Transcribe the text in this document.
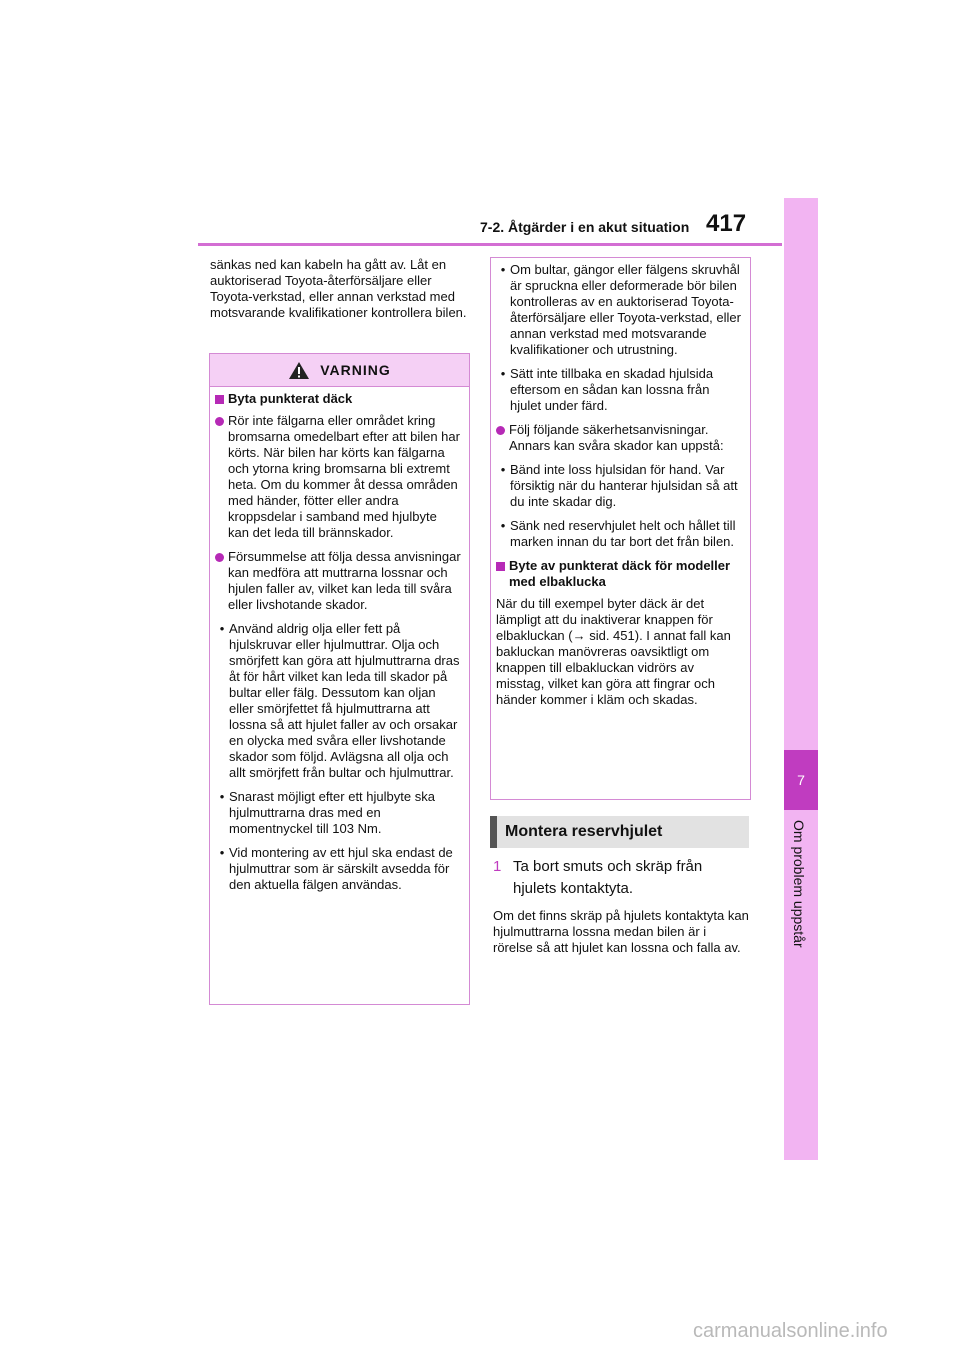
7
Om problem uppstår
7-2. Åtgärder i en akut situation 417

sänkas ned kan kabeln ha gått av. Låt en auktoriserad Toyota-återförsäljare eller Toyota-verkstad, eller annan verkstad med motsvarande kvalifikationer kontrollera bilen.

VARNING
Byta punkterat däck
Rör inte fälgarna eller området kring bromsarna omedelbart efter att bilen har körts. När bilen har körts kan fälgarna och ytorna kring bromsarna bli extremt heta. Om du kommer åt dessa områden med händer, fötter eller andra kroppsdelar i samband med hjulbyte kan det leda till brännskador.
Försummelse att följa dessa anvisningar kan medföra att muttrarna lossnar och hjulen faller av, vilket kan leda till svåra eller livshotande skador.
• Använd aldrig olja eller fett på hjulskruvar eller hjulmuttrar. Olja och smörjfett kan göra att hjulmuttrarna dras åt för hårt vilket kan leda till skador på bultar eller fälg. Dessutom kan oljan eller smörjfettet få hjulmuttrarna att lossna så att hjulet faller av och orsakar en olycka med svåra eller livshotande skador som följd. Avlägsna all olja och allt smörjfett från bultar och hjulmuttrar.
• Snarast möjligt efter ett hjulbyte ska hjulmuttrarna dras med en momentnyckel till 103 Nm.
• Vid montering av ett hjul ska endast de hjulmuttrar som är särskilt avsedda för den aktuella fälgen användas.
• Om bultar, gängor eller fälgens skruvhål är spruckna eller deformerade bör bilen kontrolleras av en auktoriserad Toyota-återförsäljare eller Toyota-verkstad, eller annan verkstad med motsvarande kvalifikationer och utrustning.
• Sätt inte tillbaka en skadad hjulsida eftersom en sådan kan lossna från hjulet under färd.
Följ följande säkerhetsanvisningar. Annars kan svåra skador kan uppstå:
• Bänd inte loss hjulsidan för hand. Var försiktig när du hanterar hjulsidan så att du inte skadar dig.
• Sänk ned reservhjulet helt och hållet till marken innan du tar bort det från bilen.
Byte av punkterat däck för modeller med elbaklucka

När du till exempel byter däck är det lämpligt att du inaktiverar knappen för elbakluckan (→ sid. 451). I annat fall kan bakluckan manövreras oavsiktligt om knappen till elbakluckan vidrörs av misstag, vilket kan göra att fingrar och händer kommer i kläm och skadas.

Montera reservhjulet
1 Ta bort smuts och skräp från hjulets kontaktyta.

Om det finns skräp på hjulets kontaktyta kan hjulmuttrarna lossna medan bilen är i rörelse så att hjulet kan lossna och falla av.

carmanualsonline.info
